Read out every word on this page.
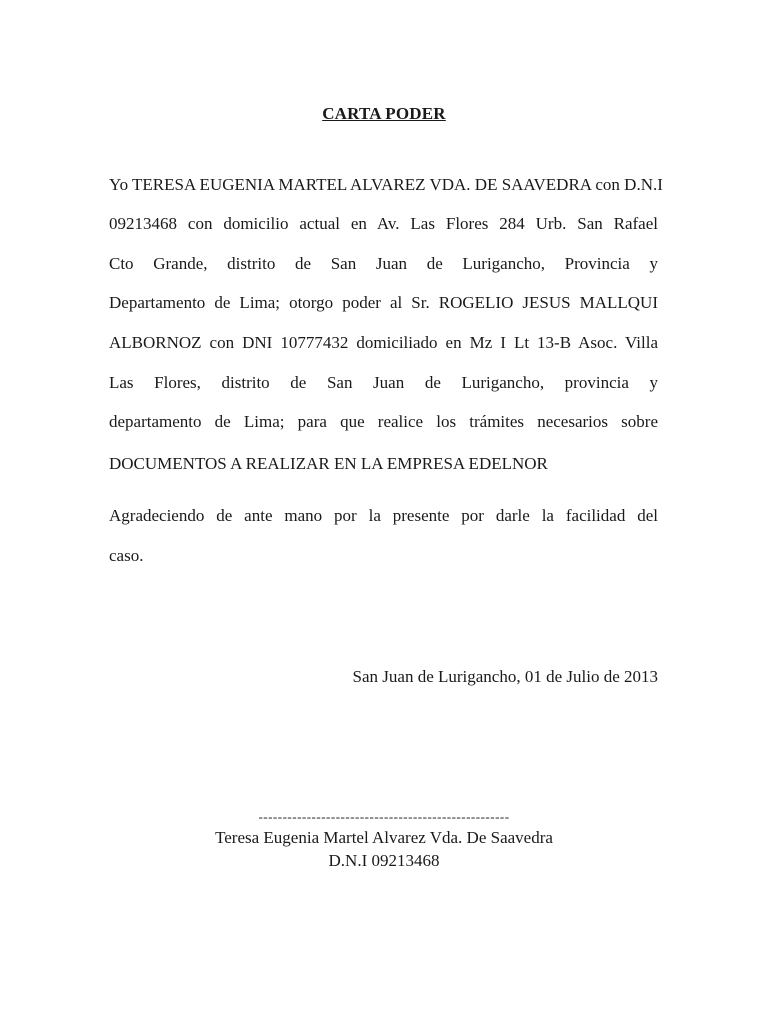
CARTA PODER
Yo TERESA EUGENIA MARTEL ALVAREZ VDA. DE SAAVEDRA con D.N.I
09213468 con domicilio actual en Av. Las Flores 284 Urb. San Rafael
Cto Grande, distrito de San Juan de Lurigancho, Provincia y
Departamento de Lima; otorgo poder al Sr. ROGELIO JESUS MALLQUI
ALBORNOZ con DNI 10777432 domiciliado en Mz I Lt 13-B Asoc. Villa
Las Flores, distrito de San Juan de Lurigancho, provincia y
departamento de Lima; para que realice los trámites necesarios sobre
DOCUMENTOS A REALIZAR EN LA EMPRESA EDELNOR
Agradeciendo de ante mano por la presente por darle la facilidad del
caso.
San Juan de Lurigancho, 01 de Julio de 2013
----------------------------------------------------
Teresa Eugenia Martel Alvarez Vda. De Saavedra
D.N.I 09213468
